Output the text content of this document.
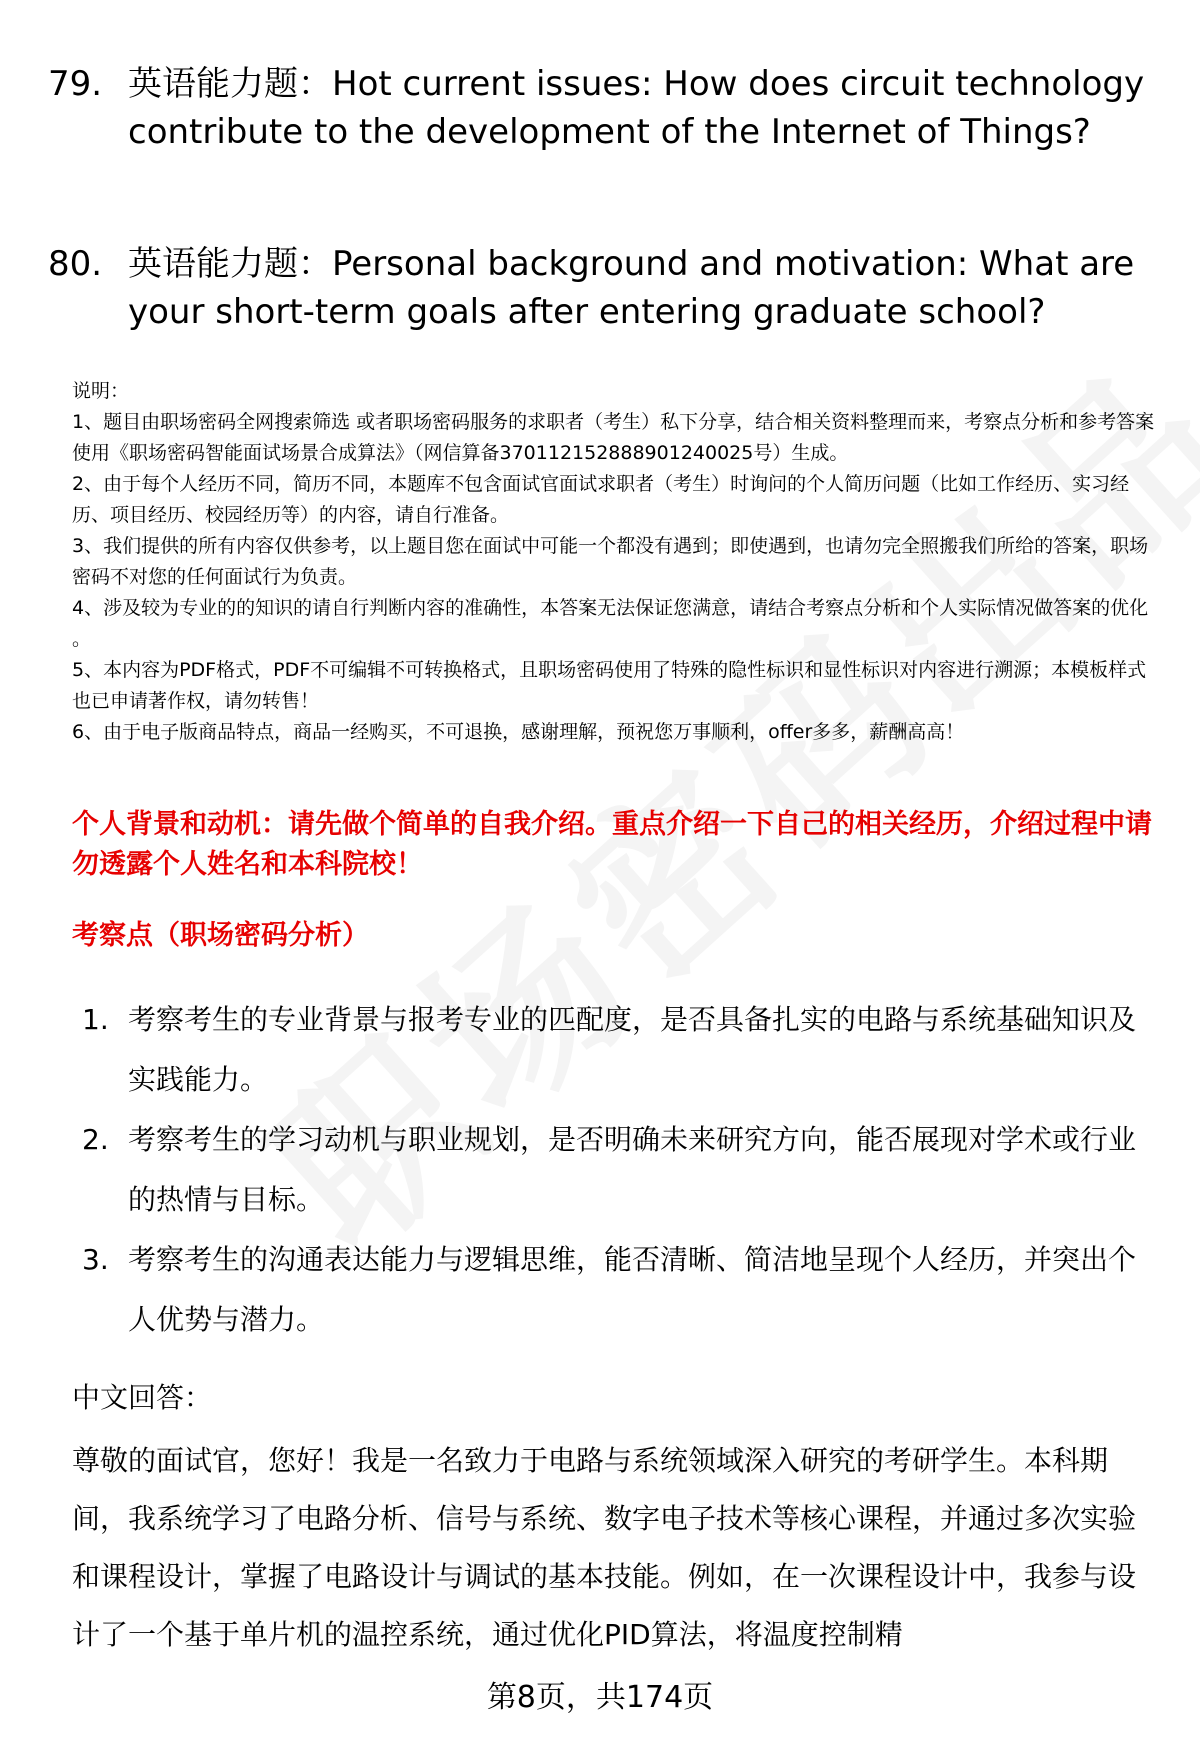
79. 英语能力题：Hot current issues: How does circuit technology contribute to the development of the Internet of Things?
80. 英语能力题：Personal background and motivation: What are your short-term goals after entering graduate school?

说明：

1、题目由职场密码全网搜索筛选 或者职场密码服务的求职者（考生）私下分享，结合相关资料整理而来，考察点分析和参考答案使用《职场密码智能面试场景合成算法》（网信算备370112152888901240025号）生成。

2、由于每个人经历不同，简历不同，本题库不包含面试官面试求职者（考生）时询问的个人简历问题（比如工作经历、实习经历、项目经历、校园经历等）的内容，请自行准备。

3、我们提供的所有内容仅供参考，以上题目您在面试中可能一个都没有遇到；即使遇到，也请勿完全照搬我们所给的答案，职场密码不对您的任何面试行为负责。

4、涉及较为专业的的知识的请自行判断内容的准确性，本答案无法保证您满意，请结合考察点分析和个人实际情况做答案的优化 。

5、本内容为PDF格式，PDF不可编辑不可转换格式，且职场密码使用了特殊的隐性标识和显性标识对内容进行溯源；本模板样式也已申请著作权，请勿转售！

6、由于电子版商品特点，商品一经购买，不可退换，感谢理解，预祝您万事顺利，offer多多，薪酬高高！

个人背景和动机：请先做个简单的自我介绍。重点介绍一下自己的相关经历，介绍过程中请勿透露个人姓名和本科院校！
考察点（职场密码分析）
1. 考察考生的专业背景与报考专业的匹配度，是否具备扎实的电路与系统基础知识及实践能力。
2. 考察考生的学习动机与职业规划，是否明确未来研究方向，能否展现对学术或行业的热情与目标。
3. 考察考生的沟通表达能力与逻辑思维，能否清晰、简洁地呈现个人经历，并突出个人优势与潜力。
中文回答：
尊敬的面试官，您好！我是一名致力于电路与系统领域深入研究的考研学生。本科期间，我系统学习了电路分析、信号与系统、数字电子技术等核心课程，并通过多次实验和课程设计，掌握了电路设计与调试的基本技能。例如，在一次课程设计中，我参与设计了一个基于单片机的温控系统，通过优化PID算法，将温度控制精
第8页，共174页
